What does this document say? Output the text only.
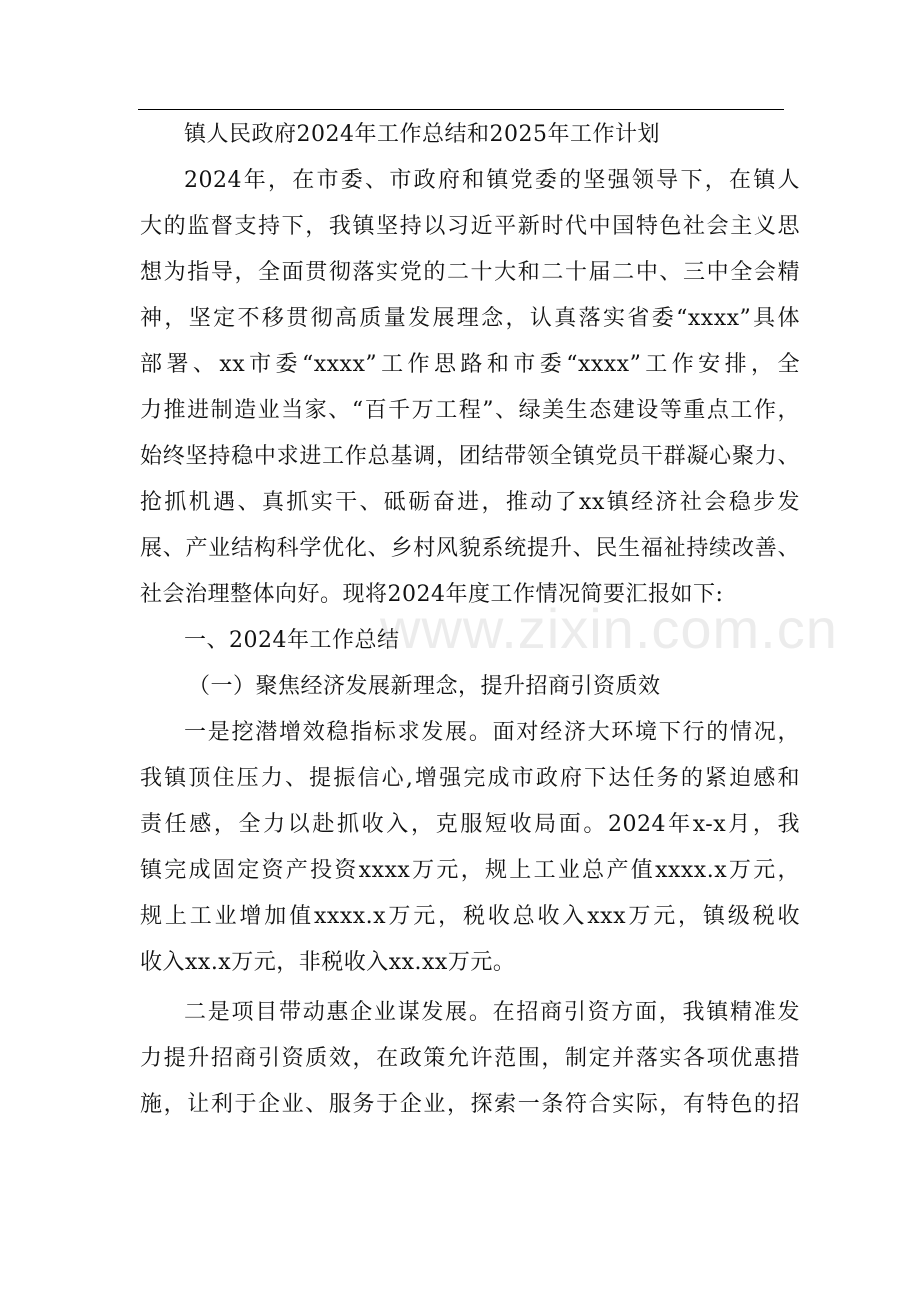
镇人民政府2024年工作总结和2025年工作计划
2024年，在市委、市政府和镇党委的坚强领导下，在镇人
大的监督支持下，我镇坚持以习近平新时代中国特色社会主义思
想为指导，全面贯彻落实党的二十大和二十届二中、三中全会精
神，坚定不移贯彻高质量发展理念，认真落实省委“xxxx”具体
部署、xx市委“xxxx”工作思路和市委“xxxx”工作安排，全
力推进制造业当家、“百千万工程”、绿美生态建设等重点工作，
始终坚持稳中求进工作总基调，团结带领全镇党员干群凝心聚力、
抢抓机遇、真抓实干、砥砺奋进，推动了xx镇经济社会稳步发
展、产业结构科学优化、乡村风貌系统提升、民生福祉持续改善、
社会治理整体向好。现将2024年度工作情况简要汇报如下:
一、2024年工作总结
（一）聚焦经济发展新理念，提升招商引资质效
一是挖潜增效稳指标求发展。面对经济大环境下行的情况，
我镇顶住压力、提振信心,增强完成市政府下达任务的紧迫感和
责任感，全力以赴抓收入，克服短收局面。2024年x-x月，我
镇完成固定资产投资xxxx万元，规上工业总产值xxxx.x万元，
规上工业增加值xxxx.x万元，税收总收入xxx万元，镇级税收
收入xx.x万元，非税收入xx.xx万元。
二是项目带动惠企业谋发展。在招商引资方面，我镇精准发
力提升招商引资质效，在政策允许范围，制定并落实各项优惠措
施，让利于企业、服务于企业，探索一条符合实际，有特色的招
www.zixin.com.cn
